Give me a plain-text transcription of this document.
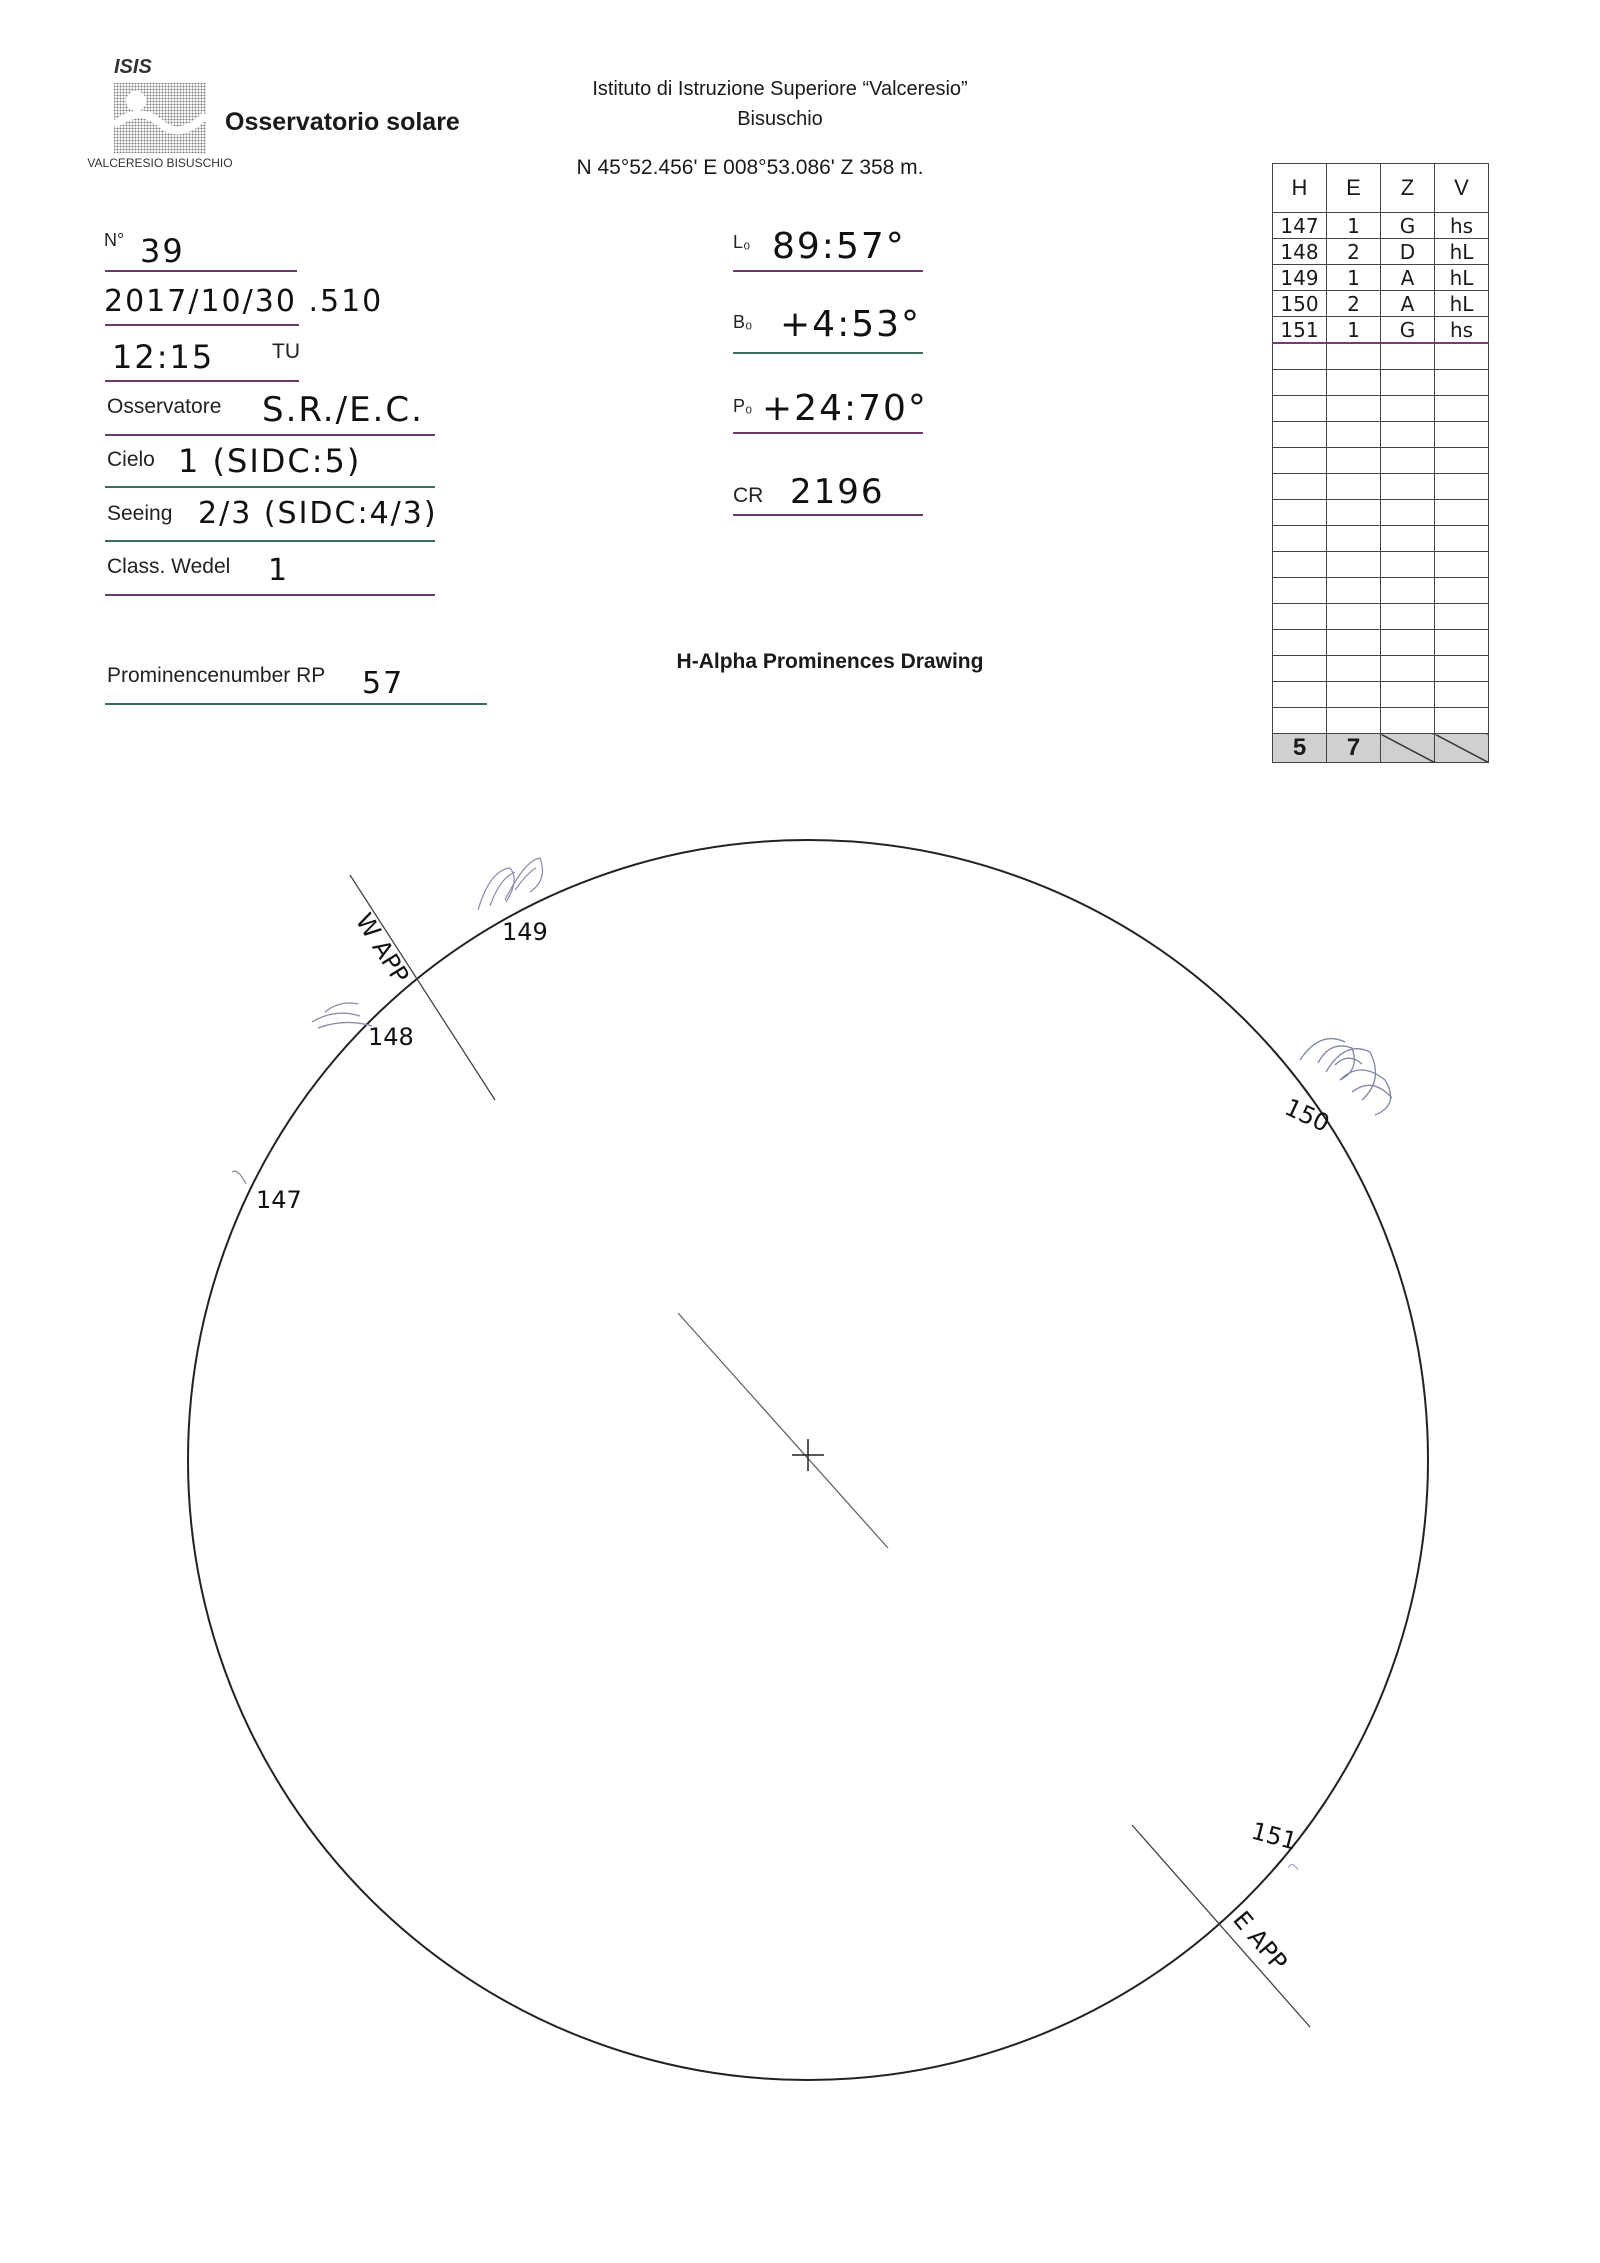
ISIS
VALCERESIO BISUSCHIO
Osservatorio solare
Istituto di Istruzione Superiore “Valceresio”
Bisuschio
N 45°52.456' E 008°53.086' Z 358 m.
N° 39
2017/10/30 .510
12:15	TU
Osservatore S.R./E.C.
Cielo 1 (SIDC:5)
Seeing 2/3 (SIDC:4/3)
Class. Wedel 1
Prominencenumber RP 57
L₀ 89:57°
B₀ +4:53°
P₀ +24:70°
CR 2196
H-Alpha Prominences Drawing
H	E	Z	V
147	1	G	hs
148	2	D	hL
149	1	A	hL
150	2	A	hL
151	1	G	hs

5	7		
W APP
E APP
149
148
147
150
151
